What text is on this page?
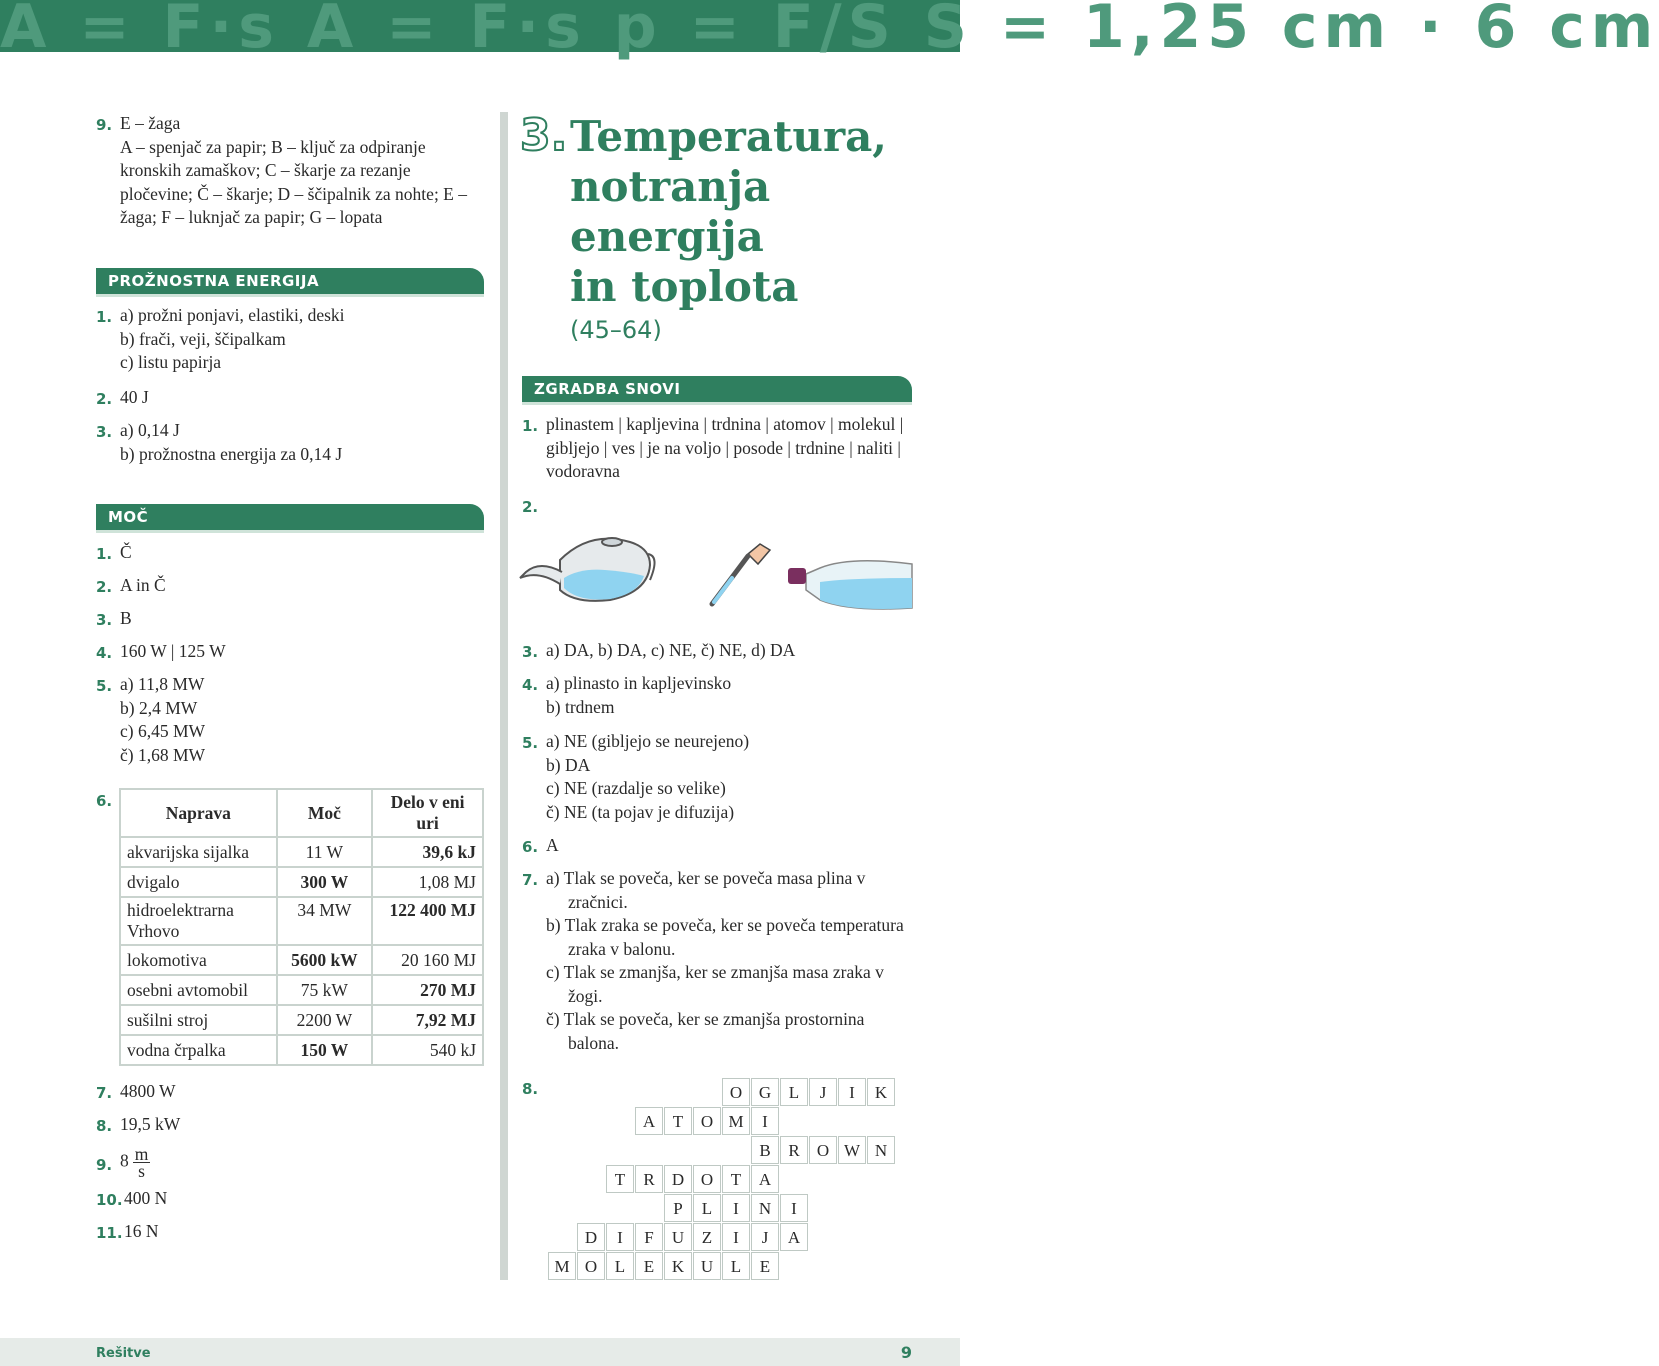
A = F·s A = F·s p = F/S S = 1,25 cm · 6 cm
9. E – žaga
A – spenjač za papir; B – ključ za odpiranje kronskih zamaškov; C – škarje za rezanje pločevine; Č – škarje; D – ščipalnik za nohte; E – žaga; F – luknjač za papir; G – lopata
PROŽNOSTNA ENERGIJA
1. a) prožni ponjavi, elastiki, deski
b) frači, veji, ščipalkam
c) listu papirja
2. 40 J
3. a) 0,14 J
b) prožnostna energija za 0,14 J
MOČ
1. Č
2. A in Č
3. B
4. 160 W | 125 W
5. a) 11,8 MW
b) 2,4 MW
c) 6,45 MW
č) 1,68 MW
6.
Naprava	Moč	Delo v eni uri
akvarijska sijalka	11 W	39,6 kJ
dvigalo	300 W	1,08 MJ
hidroelektrarna Vrhovo	34 MW	122 400 MJ
lokomotiva	5600 kW	20 160 MJ
osebni avtomobil	75 kW	270 MJ
sušilni stroj	2200 W	7,92 MJ
vodna črpalka	150 W	540 kJ
7. 4800 W
8. 19,5 kW
9. $8 \frac{m}{s}$
10. 400 N
11. 16 N
3. Temperatura,
notranja
energija
in toplota
(45–64)
ZGRADBA SNOVI
1. plinastem | kapljevina | trdnina | atomov | molekul | gibljejo | ves | je na voljo | posode | trdnine | naliti | vodoravna
2.
3. a) DA, b) DA, c) NE, č) NE, d) DA
4. a) plinasto in kapljevinsko
b) trdnem
5. a) NE (gibljejo se neurejeno)
b) DA
c) NE (razdalje so velike)
č) NE (ta pojav je difuzija)
6. A
7. a) Tlak se poveča, ker se poveča masa plina v zračnici.
b) Tlak zraka se poveča, ker se poveča temperatura zraka v balonu.
c) Tlak se zmanjša, ker se zmanjša masa zraka v žogi.
č) Tlak se poveča, ker se zmanjša prostornina balona.
8.	O G	L	J	I	K
A	T	O M	I
B	R	O W N
T	R	D O	T	A
P	L	I	N	I
D	I	F	U	Z	I	J	A
M O	L	E	K U	L	E
Rešitve	9
